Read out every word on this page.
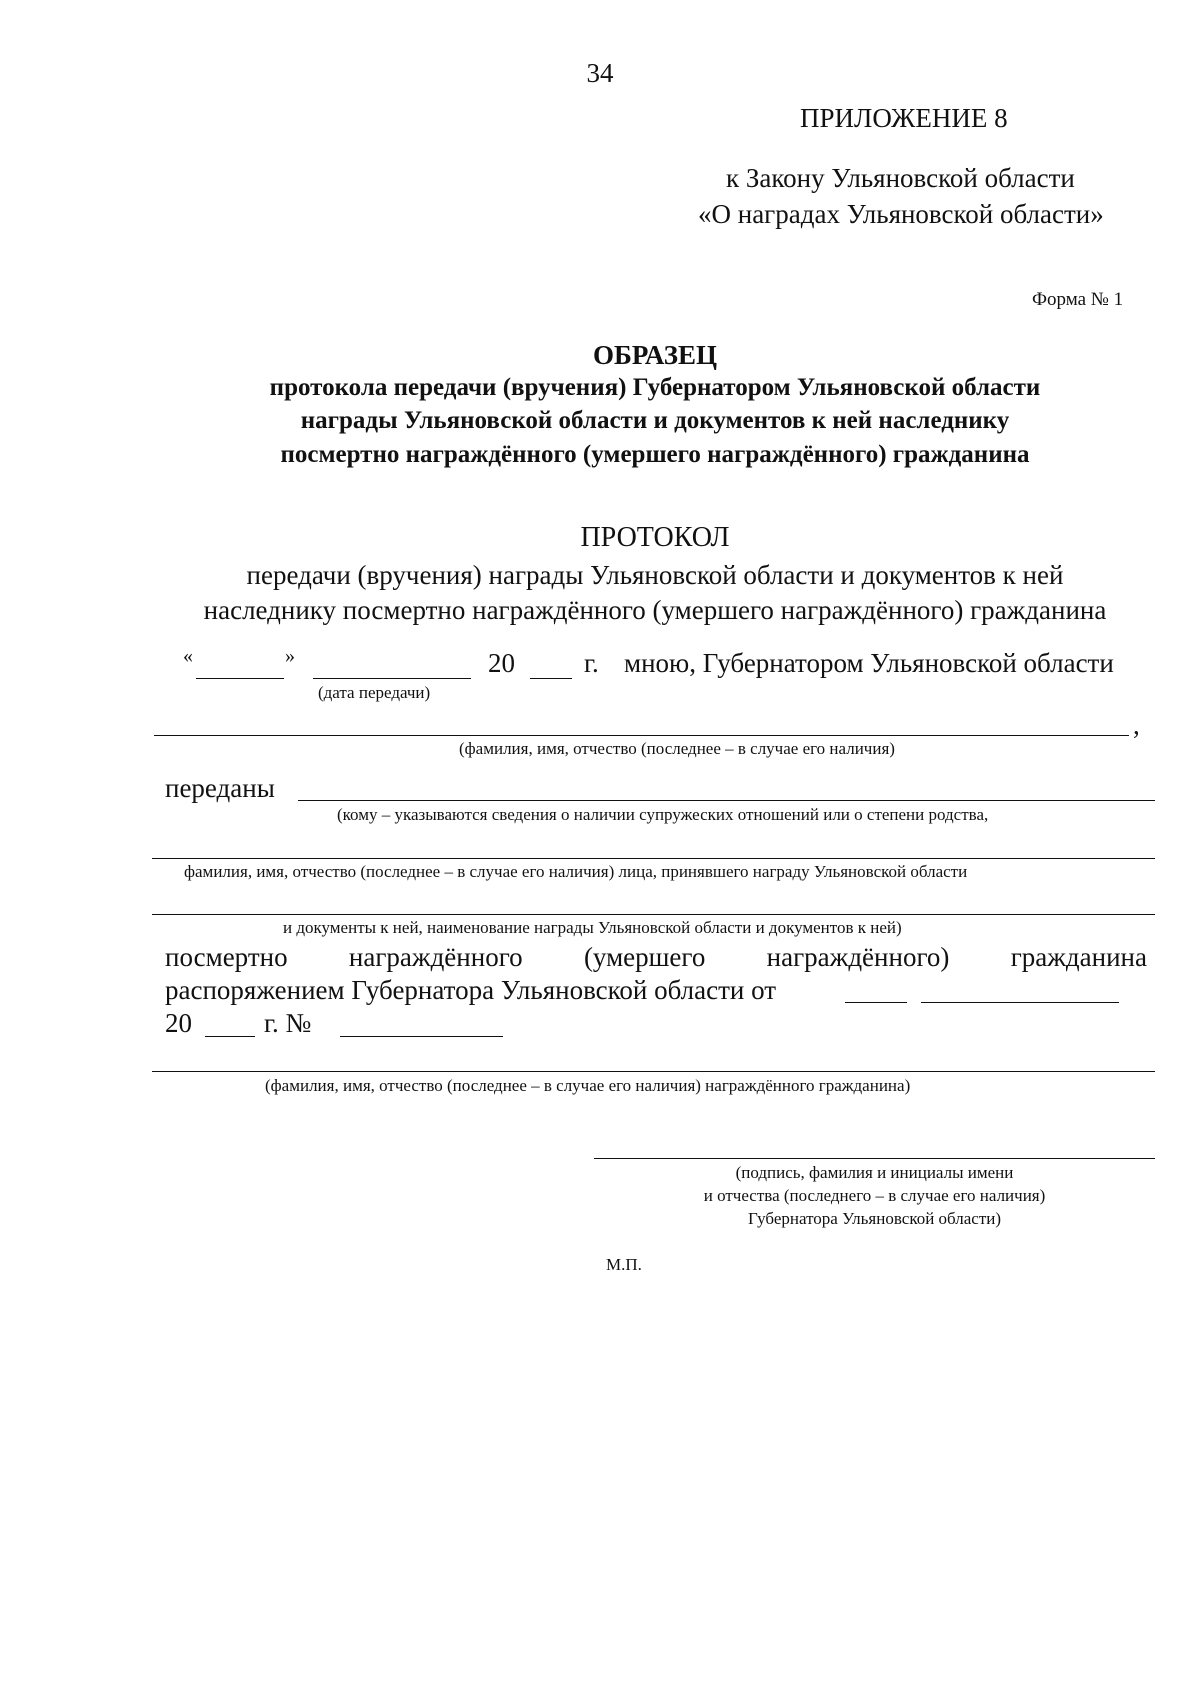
34
ПРИЛОЖЕНИЕ 8
к Закону Ульяновской области
«О наградах Ульяновской области»
Форма № 1
ОБРАЗЕЦ
протокола передачи (вручения) Губернатором Ульяновской области
награды Ульяновской области и документов к ней наследнику
посмертно награждённого (умершего награждённого) гражданина
ПРОТОКОЛ
передачи (вручения) награды Ульяновской области и документов к ней
наследнику посмертно награждённого (умершего награждённого) гражданина
«	»	20	г. мною, Губернатором Ульяновской области
(дата передачи)
,
(фамилия, имя, отчество (последнее – в случае его наличия)
переданы
(кому – указываются сведения о наличии супружеских отношений или о степени родства,
фамилия, имя, отчество (последнее – в случае его наличия) лица, принявшего награду Ульяновской области
и документы к ней, наименование награды Ульяновской области и документов к ней)
посмертно награждённого (умершего награждённого) гражданина
распоряжением Губернатора Ульяновской области от
20	г. №
(фамилия, имя, отчество (последнее – в случае его наличия) награждённого гражданина)
(подпись, фамилия и инициалы имени
и отчества (последнего – в случае его наличия)
Губернатора Ульяновской области)
М.П.
